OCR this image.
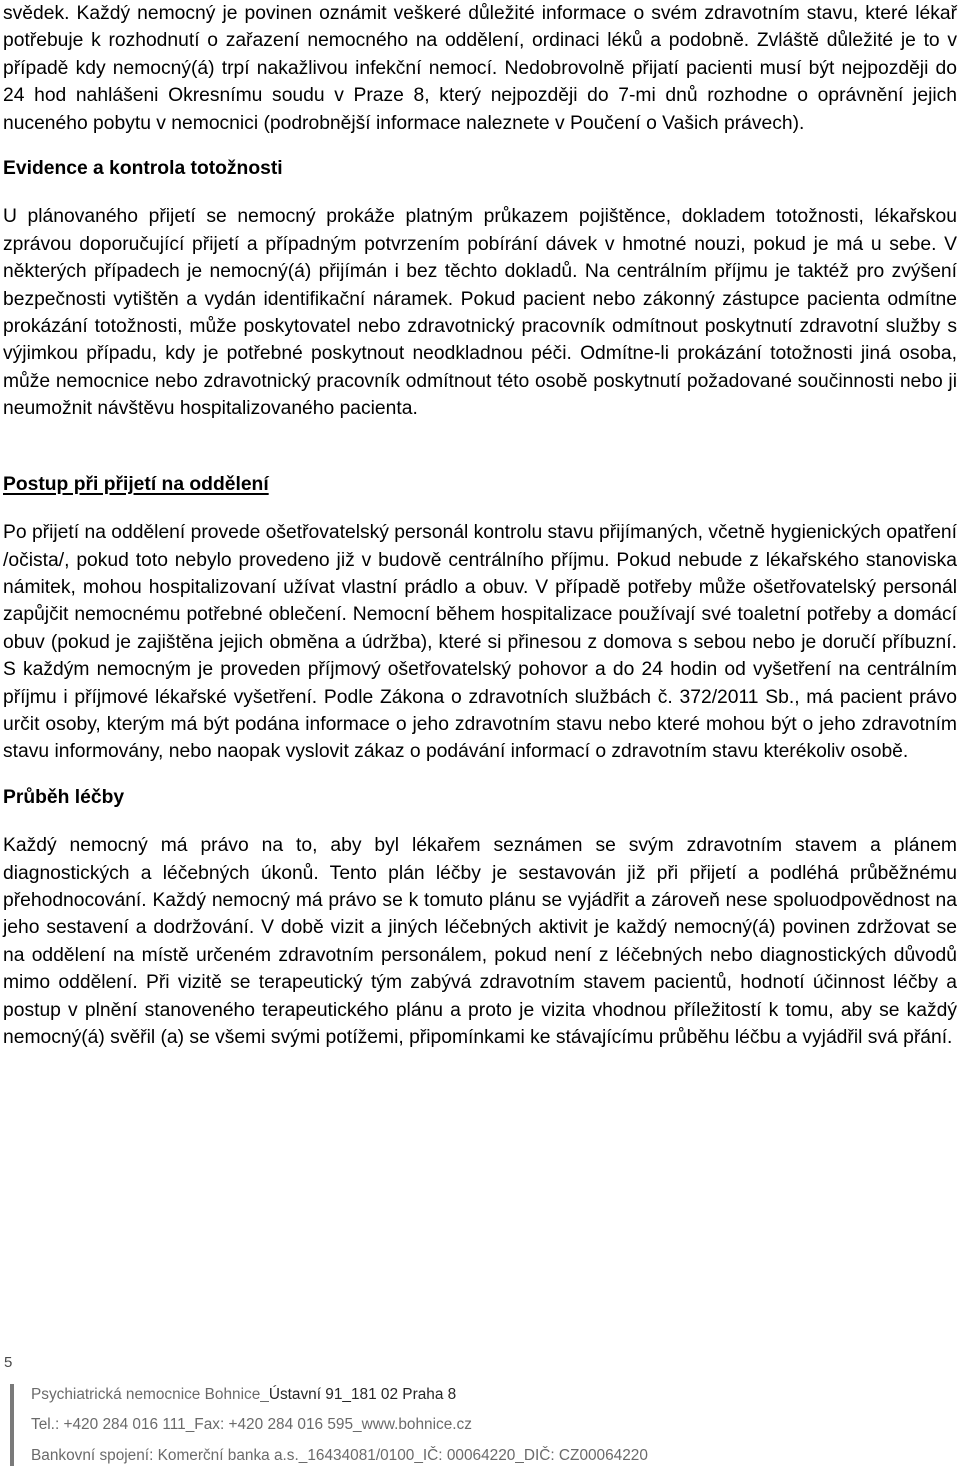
svědek. Každý nemocný je povinen oznámit veškeré důležité informace o svém zdravotním stavu, které lékař potřebuje k rozhodnutí o zařazení nemocného na oddělení, ordinaci léků a podobně. Zvláště důležité je to v případě kdy nemocný(á) trpí nakažlivou infekční nemocí. Nedobrovolně přijatí pacienti musí být nejpozději do 24 hod nahlášeni Okresnímu soudu v Praze 8, který nejpozději do 7-mi dnů rozhodne o oprávnění jejich nuceného pobytu v nemocnici (podrobnější informace naleznete v Poučení o Vašich právech).

Evidence a kontrola totožnosti

U plánovaného přijetí se nemocný prokáže platným průkazem pojištěnce, dokladem totožnosti, lékařskou zprávou doporučující přijetí a případným potvrzením pobírání dávek v hmotné nouzi, pokud je má u sebe. V některých případech je nemocný(á) přijímán i bez těchto dokladů. Na centrálním příjmu je taktéž pro zvýšení bezpečnosti vytištěn a vydán identifikační náramek. Pokud pacient nebo zákonný zástupce pacienta odmítne prokázání totožnosti, může poskytovatel nebo zdravotnický pracovník odmítnout poskytnutí zdravotní služby s výjimkou případu, kdy je potřebné poskytnout neodkladnou péči. Odmítne-li prokázání totožnosti jiná osoba, může nemocnice nebo zdravotnický pracovník odmítnout této osobě poskytnutí požadované součinnosti nebo ji neumožnit návštěvu hospitalizovaného pacienta.

Postup při přijetí na oddělení

Po přijetí na oddělení provede ošetřovatelský personál kontrolu stavu přijímaných, včetně hygienických opatření /očista/, pokud toto nebylo provedeno již v budově centrálního příjmu. Pokud nebude z lékařského stanoviska námitek, mohou hospitalizovaní užívat vlastní prádlo a obuv. V případě potřeby může ošetřovatelský personál zapůjčit nemocnému potřebné oblečení. Nemocní během hospitalizace používají své toaletní potřeby a domácí obuv (pokud je zajištěna jejich obměna a údržba), které si přinesou z domova s sebou nebo je doručí příbuzní. S každým nemocným je proveden příjmový ošetřovatelský pohovor a do 24 hodin od vyšetření na centrálním příjmu i příjmové lékařské vyšetření. Podle Zákona o zdravotních službách č. 372/2011 Sb., má pacient právo určit osoby, kterým má být podána informace o jeho zdravotním stavu nebo které mohou být o jeho zdravotním stavu informovány, nebo naopak vyslovit zákaz o podávání informací o zdravotním stavu kterékoliv osobě.

Průběh léčby

Každý nemocný má právo na to, aby byl lékařem seznámen se svým zdravotním stavem a plánem diagnostických a léčebných úkonů. Tento plán léčby je sestavován již při přijetí a podléhá průběžnému přehodnocování. Každý nemocný má právo se k tomuto plánu se vyjádřit a zároveň nese spoluodpovědnost na jeho sestavení a dodržování. V době vizit a jiných léčebných aktivit je každý nemocný(á) povinen zdržovat se na oddělení na místě určeném zdravotním personálem, pokud není z léčebných nebo diagnostických důvodů mimo oddělení. Při vizitě se terapeutický tým zabývá zdravotním stavem pacientů, hodnotí účinnost léčby a postup v plnění stanoveného terapeutického plánu a proto je vizita vhodnou příležitostí k tomu, aby se každý nemocný(á) svěřil (a) se všemi svými potížemi, připomínkami ke stávajícímu průběhu léčbu a vyjádřil svá přání.

5
Psychiatrická nemocnice Bohnice_Ústavní 91_181 02 Praha 8
Tel.: +420 284 016 111_Fax: +420 284 016 595_www.bohnice.cz
Bankovní spojení: Komerční banka a.s._16434081/0100_IČ: 00064220_DIČ: CZ00064220
